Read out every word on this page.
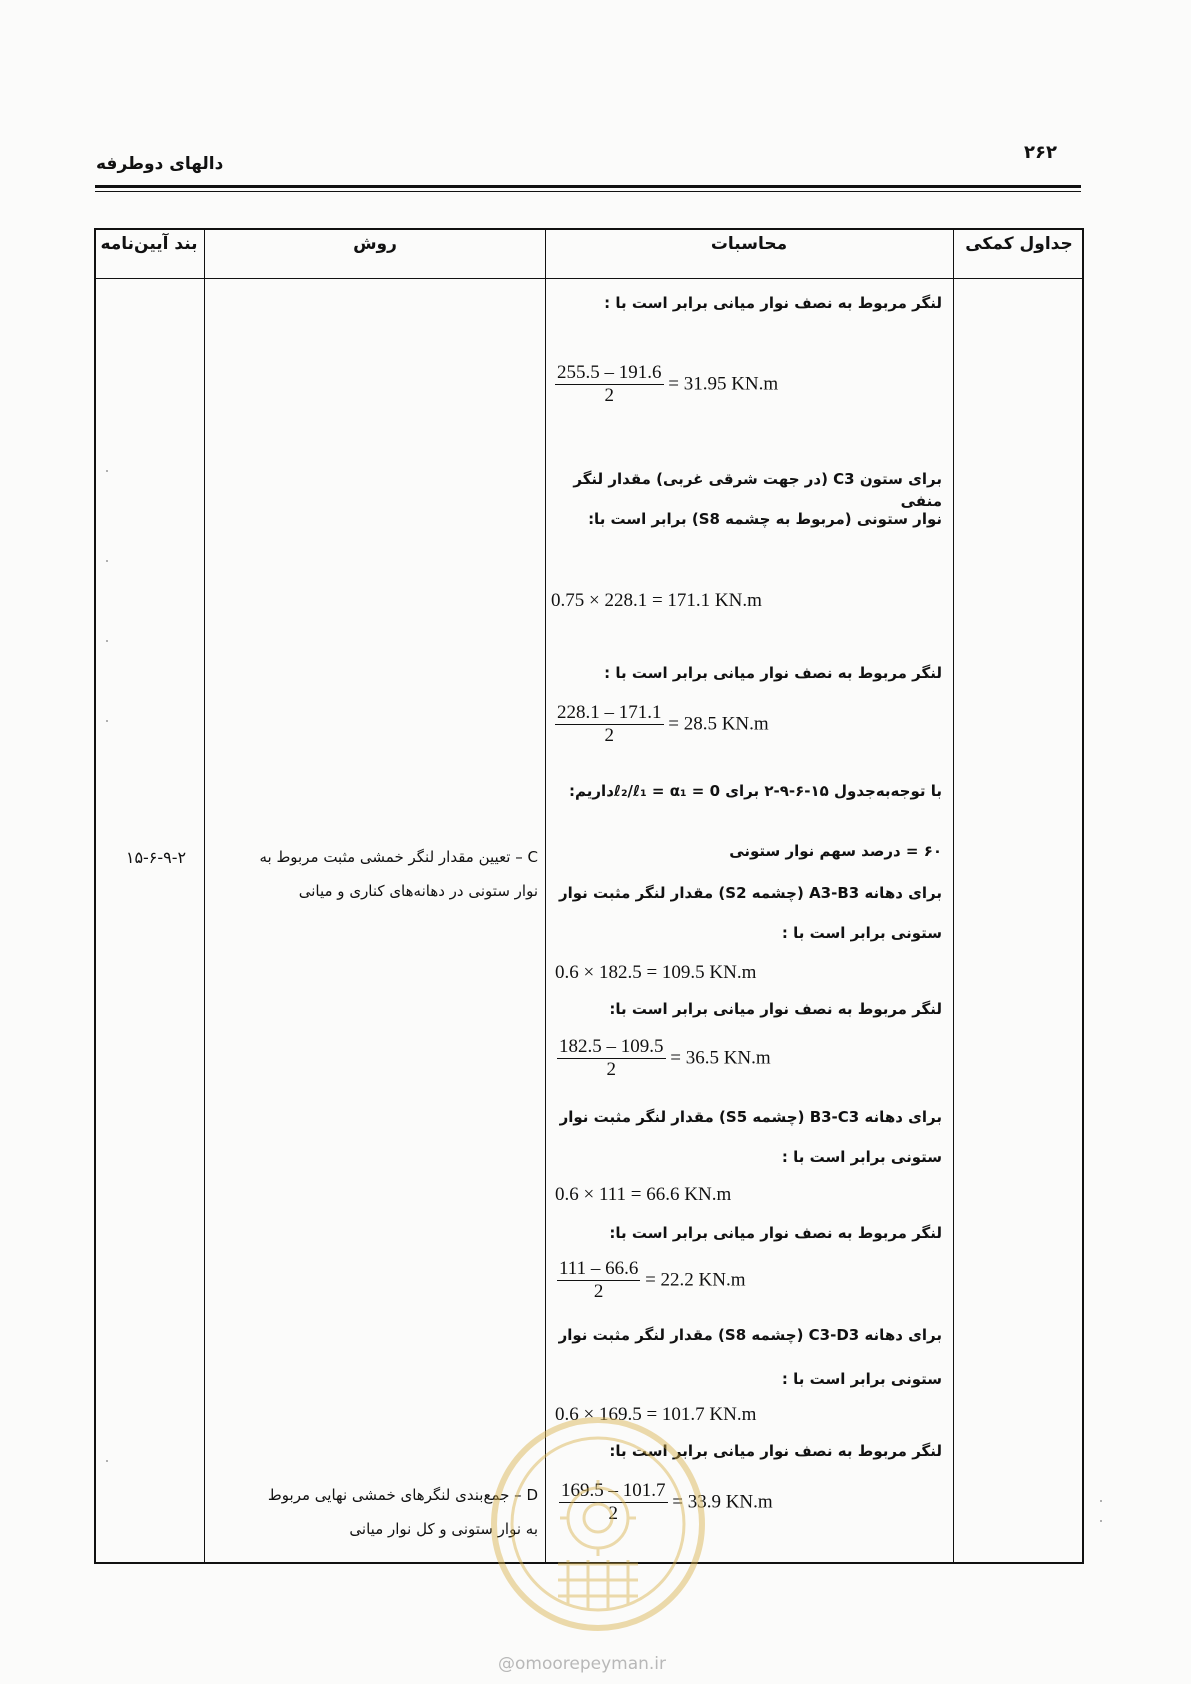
۲۶۲
دالهای دوطرفه
جداول کمکی
محاسبات
روش
بند آیین‌نامه
۱۵-۶-۹-۲	C – تعیین مقدار لنگر خمشی مثبت مربوط به
نوار ستونی در دهانه‌های کناری و میانی
D – جمع‌بندی لنگرهای خمشی نهایی مربوط
به نوار ستونی و کل نوار میانی
لنگر مربوط به نصف نوار میانی برابر است با :
$\frac{255.5 - 191.6}{2} = 31.95$ KN.m
برای ستون C3 (در جهت شرقی غربی) مقدار لنگر منفی
نوار ستونی (مربوط به چشمه S8) برابر است با:
0.75 × 228.1 = 171.1 KN.m
لنگر مربوط به نصف نوار میانی برابر است با :
$\frac{228.1 - 171.1}{2} = 28.5$ KN.m
با توجه‌به‌جدول ۱۵-۶-۹-۲ برای 0 = ℓ₂/ℓ₁ = α₁داریم:
۶۰ = درصد سهم نوار ستونی
برای دهانه A3-B3 (چشمه S2) مقدار لنگر مثبت نوار
ستونی برابر است با :
0.6 × 182.5 = 109.5 KN.m
لنگر مربوط به نصف نوار میانی برابر است با:
$\frac{182.5 - 109.5}{2} = 36.5$ KN.m
برای دهانه B3-C3 (چشمه S5) مقدار لنگر مثبت نوار
ستونی برابر است با :
0.6 × 111 = 66.6 KN.m
لنگر مربوط به نصف نوار میانی برابر است با:
$\frac{111 - 66.6}{2} = 22.2$ KN.m
برای دهانه C3-D3 (چشمه S8) مقدار لنگر مثبت نوار
ستونی برابر است با :
0.6 × 169.5 = 101.7 KN.m
لنگر مربوط به نصف نوار میانی برابر است با:
$\frac{169.5 - 101.7}{2} = 33.9$ KN.m
@omoorepeyman.ir
